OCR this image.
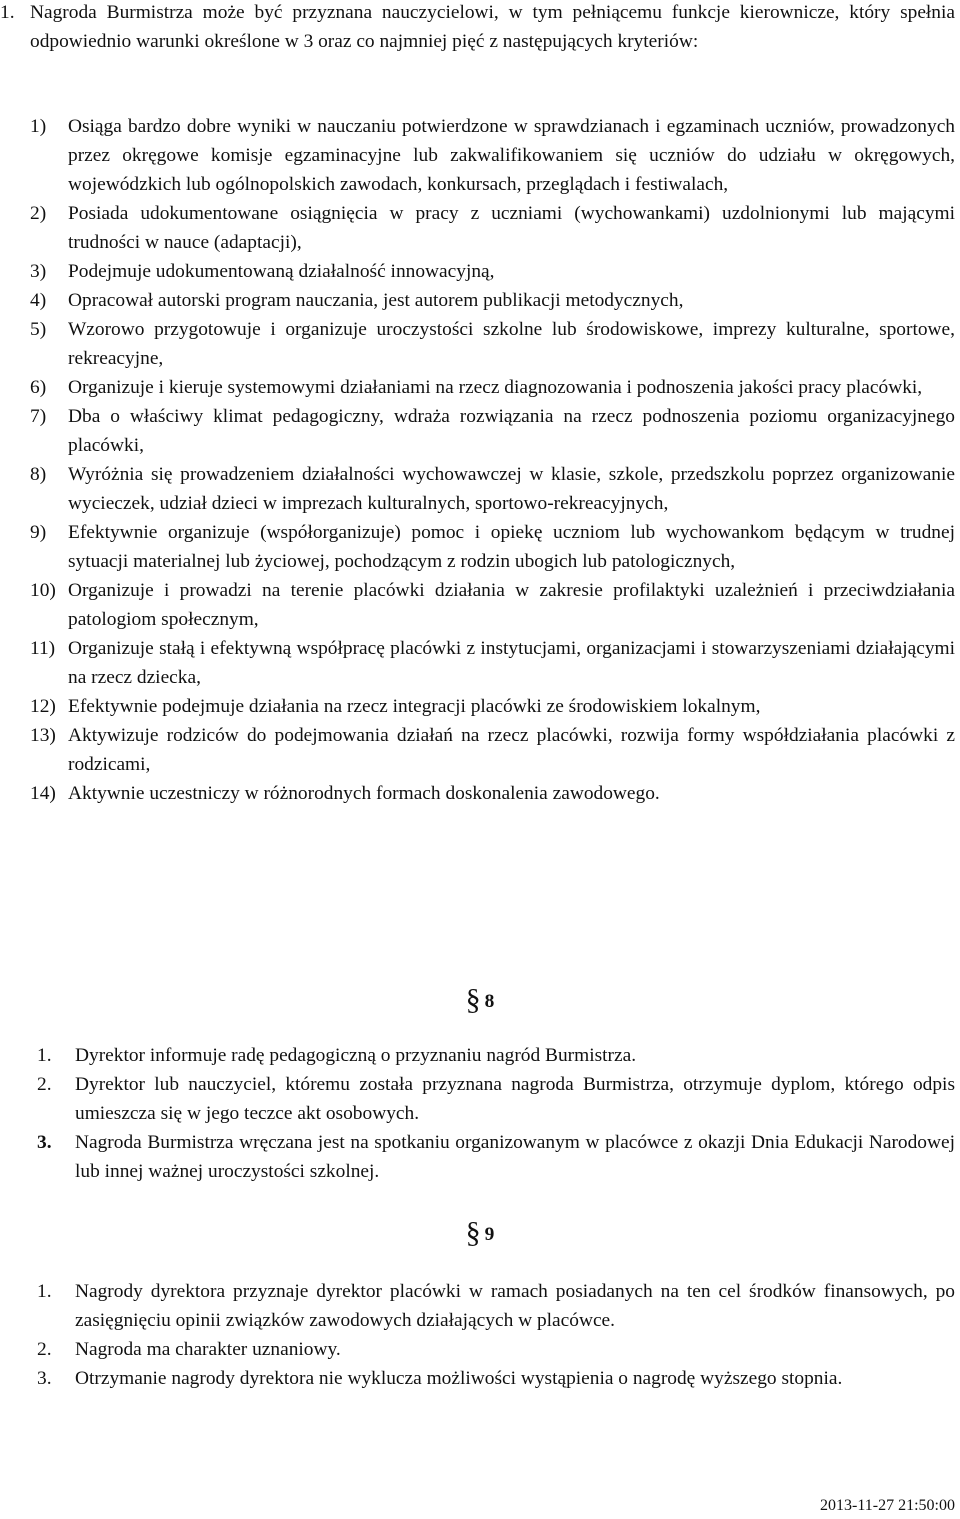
1. Nagroda Burmistrza może być przyznana nauczycielowi, w tym pełniącemu funkcje kierownicze, który spełnia odpowiednio warunki określone w 3 oraz co najmniej pięć z następujących kryteriów:
1) Osiąga bardzo dobre wyniki w nauczaniu potwierdzone w sprawdzianach i egzaminach uczniów, prowadzonych przez okręgowe komisje egzaminacyjne lub zakwalifikowaniem się uczniów do udziału w okręgowych, wojewódzkich lub ogólnopolskich zawodach, konkursach, przeglądach i festiwalach,
2) Posiada udokumentowane osiągnięcia w pracy z uczniami (wychowankami) uzdolnionymi lub mającymi trudności w nauce (adaptacji),
3) Podejmuje udokumentowaną działalność innowacyjną,
4) Opracował autorski program nauczania, jest autorem publikacji metodycznych,
5) Wzorowo przygotowuje i organizuje uroczystości szkolne lub środowiskowe, imprezy kulturalne, sportowe, rekreacyjne,
6) Organizuje i kieruje systemowymi działaniami na rzecz diagnozowania i podnoszenia jakości pracy placówki,
7) Dba o właściwy klimat pedagogiczny, wdraża rozwiązania na rzecz podnoszenia poziomu organizacyjnego placówki,
8) Wyróżnia się prowadzeniem działalności wychowawczej w klasie, szkole, przedszkolu poprzez organizowanie wycieczek, udział dzieci w imprezach kulturalnych, sportowo-rekreacyjnych,
9) Efektywnie organizuje (współorganizuje) pomoc i opiekę uczniom lub wychowankom będącym w trudnej sytuacji materialnej lub życiowej, pochodzącym z rodzin ubogich lub patologicznych,
10) Organizuje i prowadzi na terenie placówki działania w zakresie profilaktyki uzależnień i przeciwdziałania patologiom społecznym,
11) Organizuje stałą i efektywną współpracę placówki z instytucjami, organizacjami i stowarzyszeniami działającymi na rzecz dziecka,
12) Efektywnie podejmuje działania na rzecz integracji placówki ze środowiskiem lokalnym,
13) Aktywizuje rodziców do podejmowania działań na rzecz placówki, rozwija formy współdziałania placówki z rodzicami,
14) Aktywnie uczestniczy w różnorodnych formach doskonalenia zawodowego.
§ 8
1. Dyrektor informuje radę pedagogiczną o przyznaniu nagród Burmistrza.
2. Dyrektor lub nauczyciel, któremu została przyznana nagroda Burmistrza, otrzymuje dyplom, którego odpis umieszcza się w jego teczce akt osobowych.
3. Nagroda Burmistrza wręczana jest na spotkaniu organizowanym w placówce z okazji Dnia Edukacji Narodowej lub innej ważnej uroczystości szkolnej.
§ 9
1. Nagrody dyrektora przyznaje dyrektor placówki w ramach posiadanych na ten cel środków finansowych, po zasięgnięciu opinii związków zawodowych działających w placówce.
2. Nagroda ma charakter uznaniowy.
3. Otrzymanie nagrody dyrektora nie wyklucza możliwości wystąpienia o nagrodę wyższego stopnia.
2013-11-27 21:50:00
